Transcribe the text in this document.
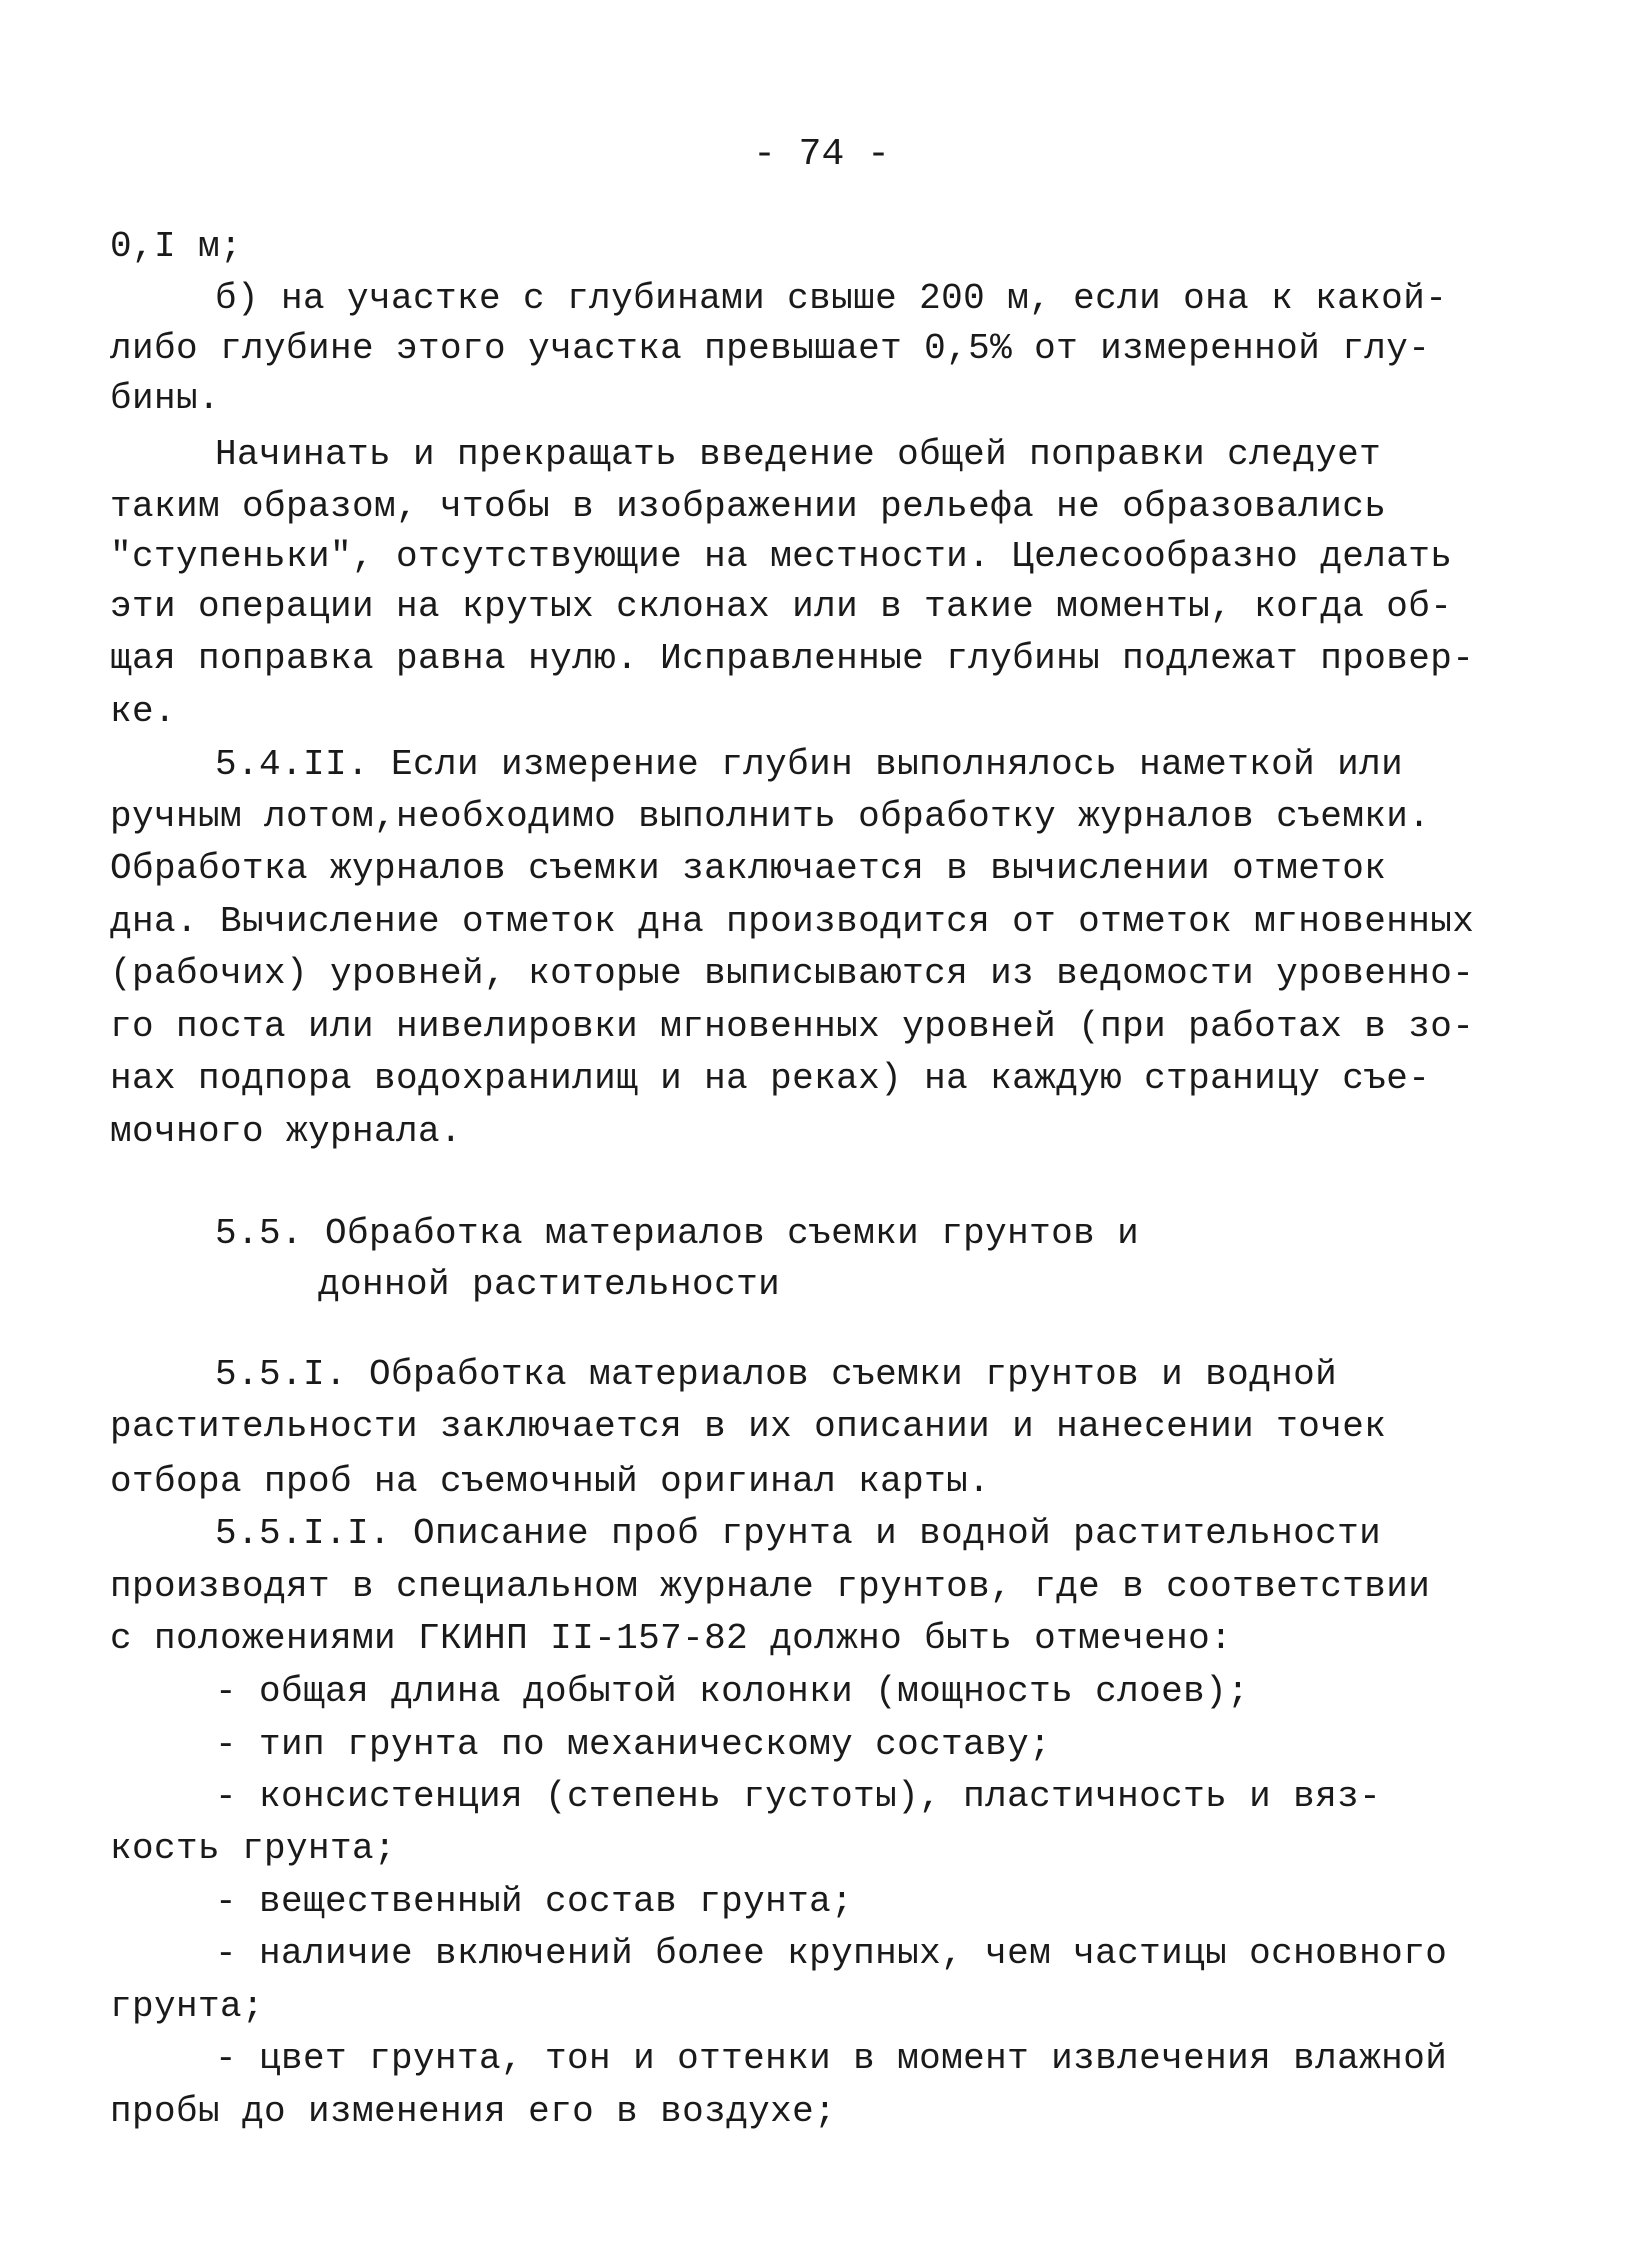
- 74 -
0,I м;
б) на участке с глубинами свыше 200 м, если она к какой-
либо глубине этого участка превышает 0,5% от измеренной глу-
бины.
Начинать и прекращать введение общей поправки следует
таким образом, чтобы в изображении рельефа не образовались
"ступеньки", отсутствующие на местности. Целесообразно делать
эти операции на крутых склонах или в такие моменты, когда об-
щая поправка равна нулю. Исправленные глубины подлежат провер-
ке.
5.4.II. Если измерение глубин выполнялось наметкой или
ручным лотом,необходимо выполнить обработку журналов съемки.
Обработка журналов съемки заключается в вычислении отметок
дна. Вычисление отметок дна производится от отметок мгновенных
(рабочих) уровней, которые выписываются из ведомости уровенно-
го поста или нивелировки мгновенных уровней (при работах в зо-
нах подпора водохранилищ и на реках) на каждую страницу съе-
мочного журнала.
5.5. Обработка материалов съемки грунтов и
донной растительности
5.5.I. Обработка материалов съемки грунтов и водной
растительности заключается в их описании и нанесении точек
отбора проб на съемочный оригинал карты.
5.5.I.I. Описание проб грунта и водной растительности
производят в специальном журнале грунтов, где в соответствии
с положениями ГКИНП II-157-82 должно быть отмечено:
- общая длина добытой колонки (мощность слоев);
- тип грунта по механическому составу;
- консистенция (степень густоты), пластичность и вяз-
кость грунта;
- вещественный состав грунта;
- наличие включений более крупных, чем частицы основного
грунта;
- цвет грунта, тон и оттенки в момент извлечения влажной
пробы до изменения его в воздухе;
